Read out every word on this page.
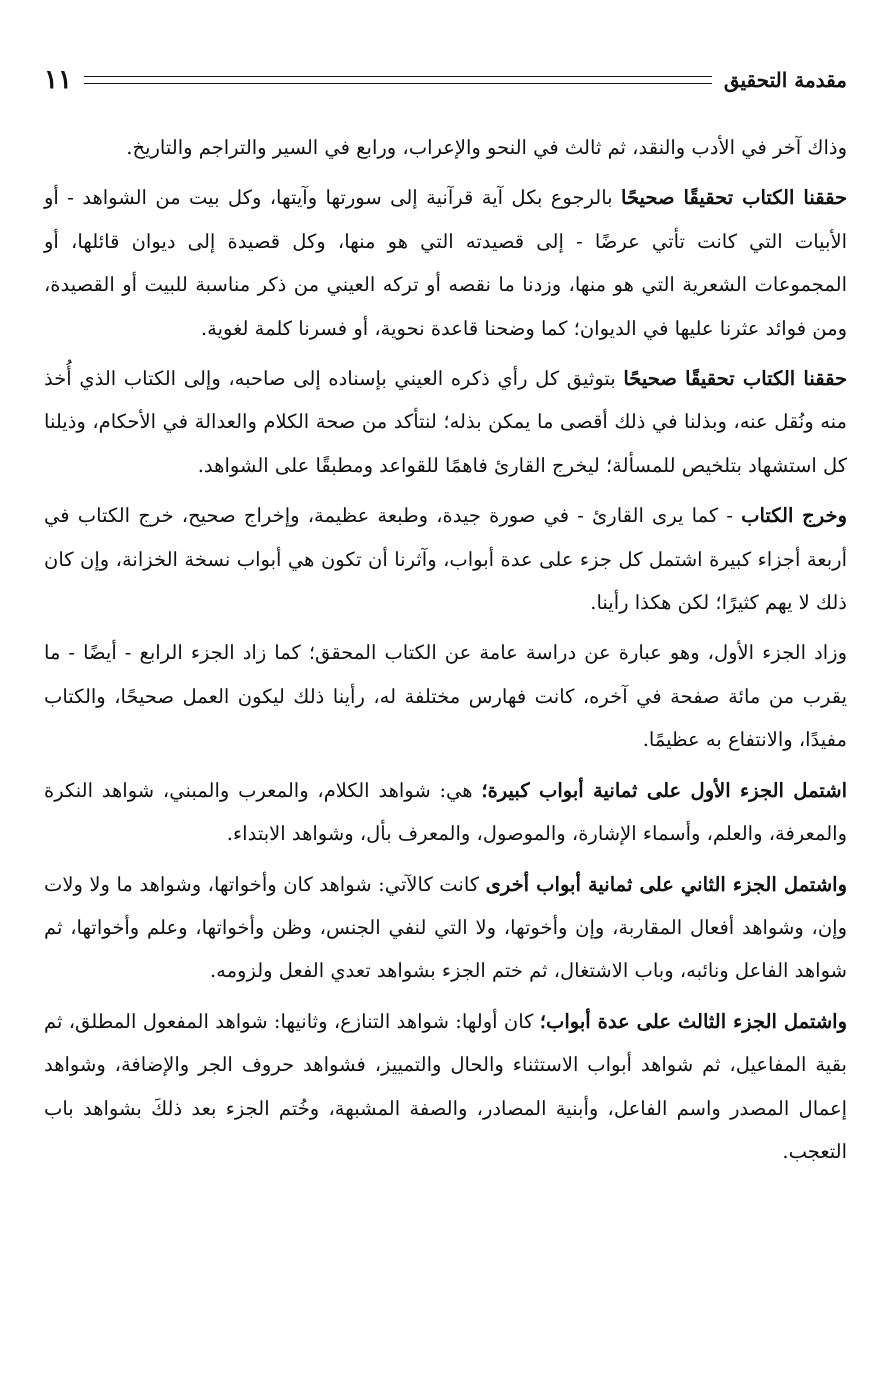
مقدمة التحقيق
١١

وذاك آخر في الأدب والنقد، ثم ثالث في النحو والإعراب، ورابع في السير والتراجم والتاريخ.

حققنا الكتاب تحقيقًا صحيحًا بالرجوع بكل آية قرآنية إلى سورتها وآيتها، وكل بيت من الشواهد - أو الأبيات التي كانت تأتي عرضًا - إلى قصيدته التي هو منها، وكل قصيدة إلى ديوان قائلها، أو المجموعات الشعرية التي هو منها، وزدنا ما نقصه أو تركه العيني من ذكر مناسبة للبيت أو القصيدة، ومن فوائد عثرنا عليها في الديوان؛ كما وضحنا قاعدة نحوية، أو فسرنا كلمة لغوية.

حققنا الكتاب تحقيقًا صحيحًا بتوثيق كل رأي ذكره العيني بإسناده إلى صاحبه، وإلى الكتاب الذي أُخذ منه ونُقل عنه، وبذلنا في ذلك أقصى ما يمكن بذله؛ لنتأكد من صحة الكلام والعدالة في الأحكام، وذيلنا كل استشهاد بتلخيص للمسألة؛ ليخرج القارئ فاهمًا للقواعد ومطبقًا على الشواهد.

وخرج الكتاب - كما يرى القارئ - في صورة جيدة، وطبعة عظيمة، وإخراج صحيح، خرج الكتاب في أربعة أجزاء كبيرة اشتمل كل جزء على عدة أبواب، وآثرنا أن تكون هي أبواب نسخة الخزانة، وإن كان ذلك لا يهم كثيرًا؛ لكن هكذا رأينا.

وزاد الجزء الأول، وهو عبارة عن دراسة عامة عن الكتاب المحقق؛ كما زاد الجزء الرابع - أيضًا - ما يقرب من مائة صفحة في آخره، كانت فهارس مختلفة له، رأينا ذلك ليكون العمل صحيحًا، والكتاب مفيدًا، والانتفاع به عظيمًا.

اشتمل الجزء الأول على ثمانية أبواب كبيرة؛ هي: شواهد الكلام، والمعرب والمبني، شواهد النكرة والمعرفة، والعلم، وأسماء الإشارة، والموصول، والمعرف بأل، وشواهد الابتداء.

واشتمل الجزء الثاني على ثمانية أبواب أخرى كانت كالآتي: شواهد كان وأخواتها، وشواهد ما ولا ولات وإن، وشواهد أفعال المقاربة، وإن وأخوتها، ولا التي لنفي الجنس، وظن وأخواتها، وعلم وأخواتها، ثم شواهد الفاعل ونائبه، وباب الاشتغال، ثم ختم الجزء بشواهد تعدي الفعل ولزومه.

واشتمل الجزء الثالث على عدة أبواب؛ كان أولها: شواهد التنازع، وثانيها: شواهد المفعول المطلق، ثم بقية المفاعيل، ثم شواهد أبواب الاستثناء والحال والتمييز، فشواهد حروف الجر والإضافة، وشواهد إعمال المصدر واسم الفاعل، وأبنية المصادر، والصفة المشبهة، وخُتم الجزء بعد ذلكَ بشواهد باب التعجب.
